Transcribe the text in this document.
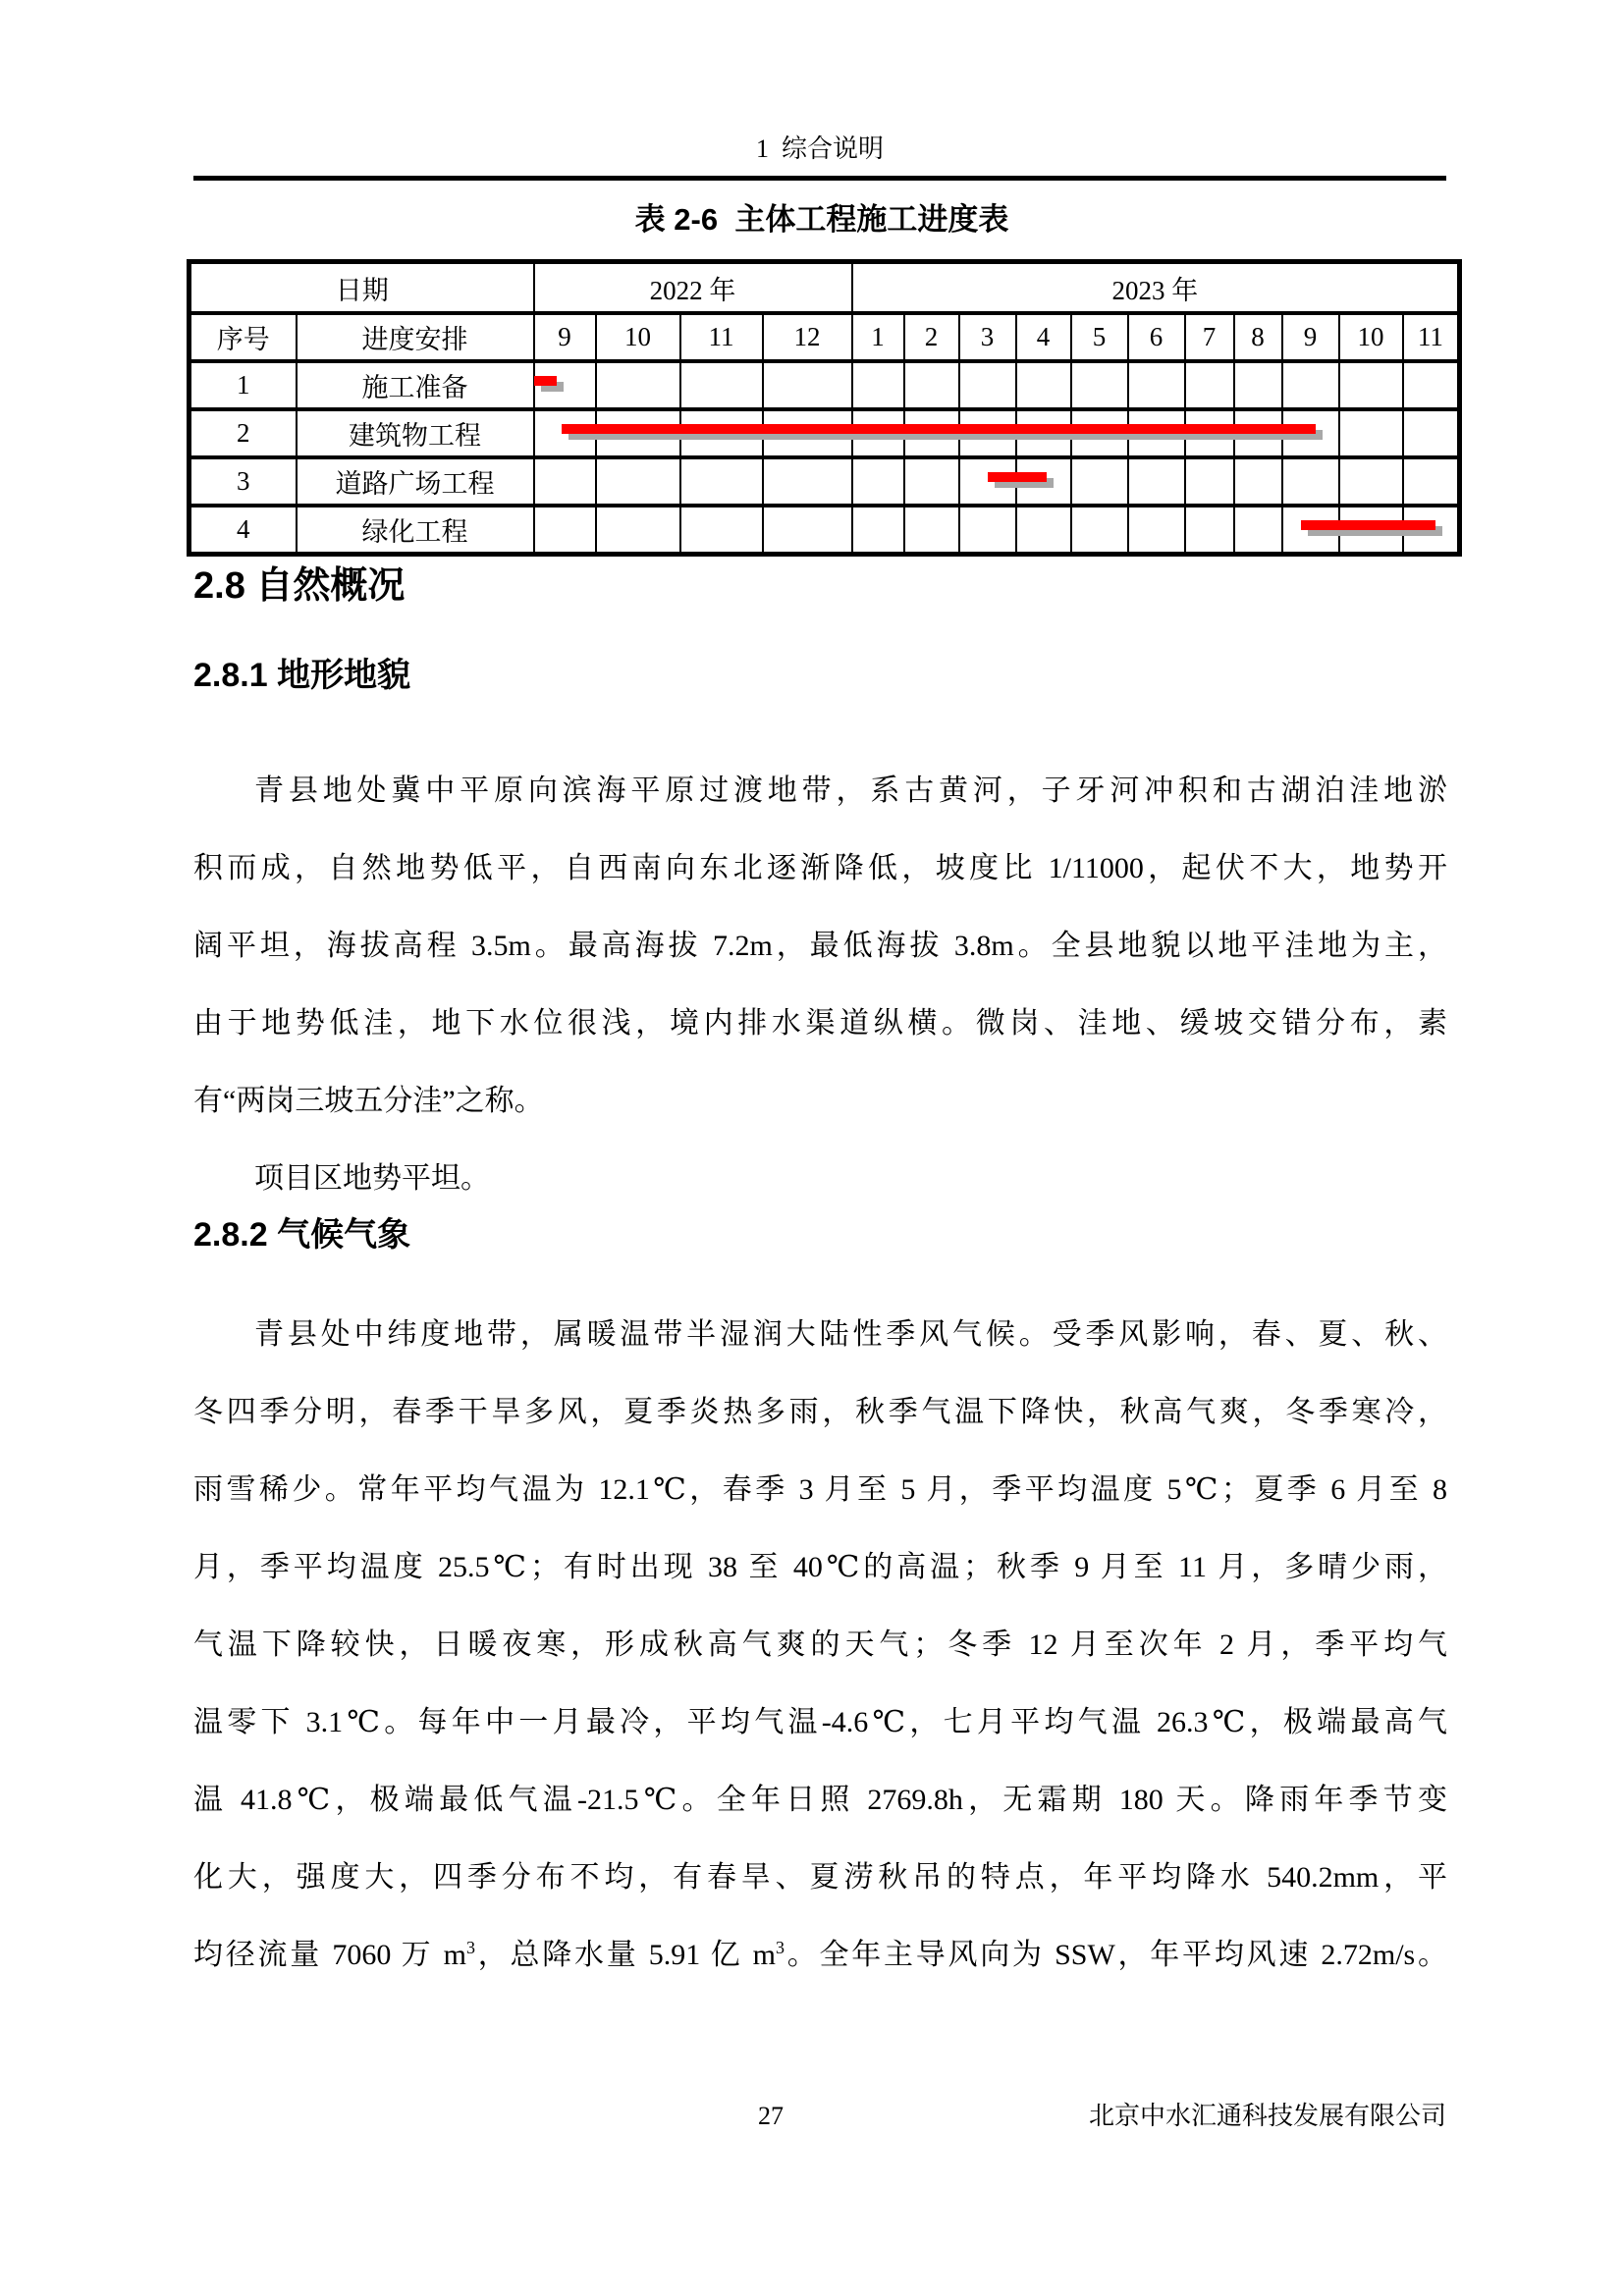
1  综合说明
表 2-6  主体工程施工进度表
日期		2022 年				2023 年										
序号	进度安排	9	10	11	12	1	2	3	4	5	6	7	8	9	10	11
1	施工准备															
2	建筑物工程															
3	道路广场工程															
4	绿化工程															
2.8 自然概况
2.8.1 地形地貌
2.8.2 气候气象
青县地处冀中平原向滨海平原过渡地带，系古黄河，子牙河冲积和古湖泊洼地淤
积而成，自然地势低平，自西南向东北逐渐降低，坡度比 1/11000，起伏不大，地势开
阔平坦，海拔高程 3.5m。最高海拔 7.2m，最低海拔 3.8m。全县地貌以地平洼地为主，
由于地势低洼，地下水位很浅，境内排水渠道纵横。微岗、洼地、缓坡交错分布，素
有“两岗三坡五分洼”之称。
项目区地势平坦。
青县处中纬度地带，属暖温带半湿润大陆性季风气候。受季风影响，春、夏、秋、
冬四季分明，春季干旱多风，夏季炎热多雨，秋季气温下降快，秋高气爽，冬季寒冷，
雨雪稀少。常年平均气温为 12.1℃，春季 3 月至 5 月，季平均温度 5℃；夏季 6 月至 8
月，季平均温度 25.5℃；有时出现 38 至 40℃的高温；秋季 9 月至 11 月，多晴少雨，
气温下降较快，日暖夜寒，形成秋高气爽的天气；冬季 12 月至次年 2 月，季平均气
温零下 3.1℃。每年中一月最冷，平均气温-4.6℃，七月平均气温 26.3℃，极端最高气
温 41.8℃，极端最低气温-21.5℃。全年日照 2769.8h，无霜期 180 天。降雨年季节变
化大，强度大，四季分布不均，有春旱、夏涝秋吊的特点，年平均降水 540.2mm，平
均径流量 7060 万 $m^3$，总降水量 5.91 亿 $m^3$。全年主导风向为 SSW，年平均风速 2.72m/s。
27	北京中水汇通科技发展有限公司
